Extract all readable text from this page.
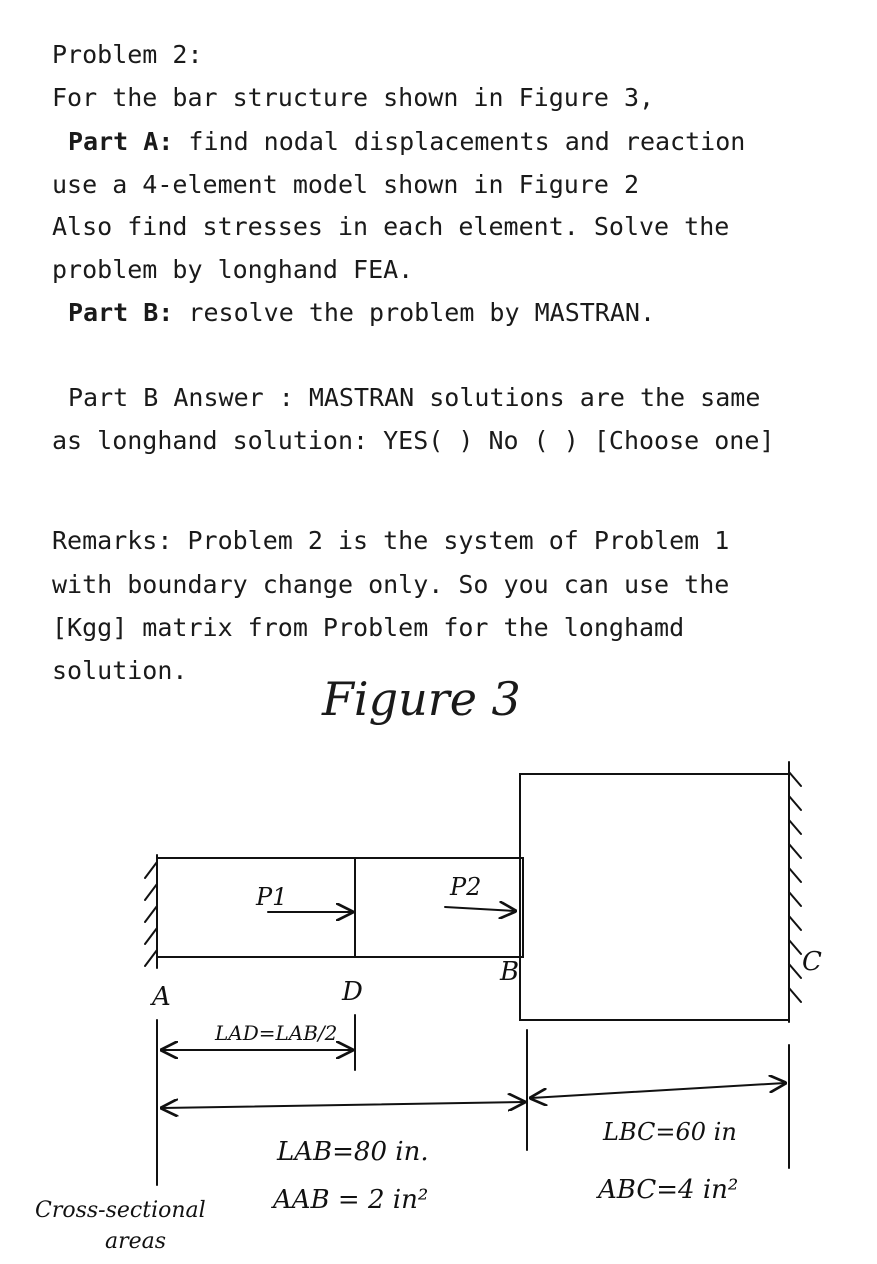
Problem 2:
For the bar structure shown in Figure 3,
Part A: find nodal displacements and reaction
use a 4-element model shown in Figure 2
Also find stresses in each element. Solve the
problem by longhand FEA.
Part B: resolve the problem by MASTRAN.
Part B Answer : MASTRAN solutions are the same
as longhand solution: YES( ) No ( ) [Choose one]
Remarks: Problem 2 is the system of Problem 1
with boundary change only. So you can use the
[Kgg] matrix from Problem for the longhamd
solution.
Figure 3
A	D
B	C
P1	P2
LAD=LAB/2
LAB=80 in.
AAB = 2 in²
LBC=60 in
ABC=4 in²
Cross-sectional
areas
